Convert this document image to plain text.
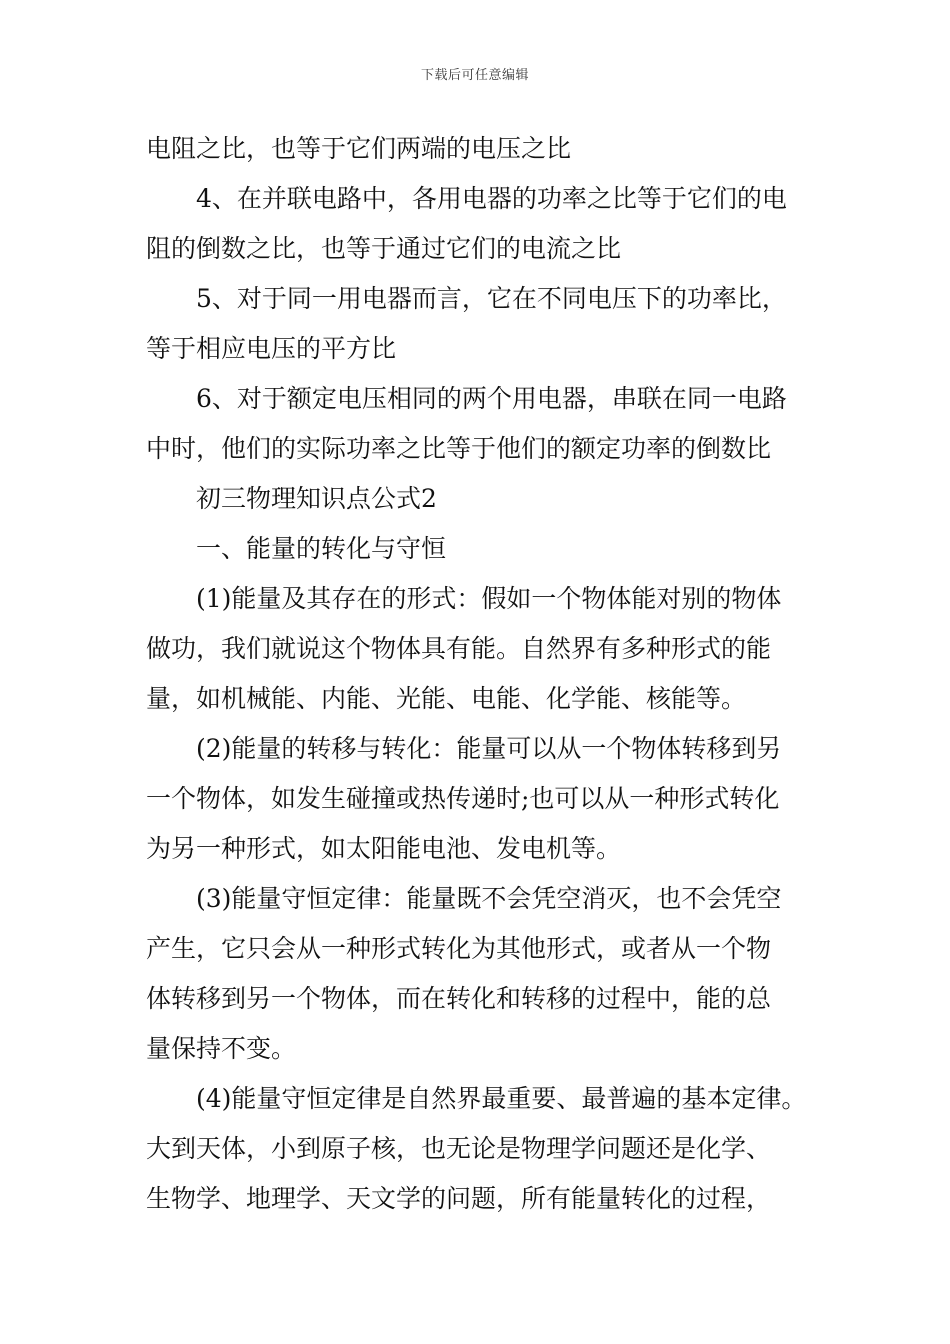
下载后可任意编辑
电阻之比，也等于它们两端的电压之比
4、在并联电路中，各用电器的功率之比等于它们的电
阻的倒数之比，也等于通过它们的电流之比
5、对于同一用电器而言，它在不同电压下的功率比，
等于相应电压的平方比
6、对于额定电压相同的两个用电器，串联在同一电路
中时，他们的实际功率之比等于他们的额定功率的倒数比
初三物理知识点公式2
一、能量的转化与守恒
(1)能量及其存在的形式：假如一个物体能对别的物体
做功，我们就说这个物体具有能。自然界有多种形式的能
量，如机械能、内能、光能、电能、化学能、核能等。
(2)能量的转移与转化：能量可以从一个物体转移到另
一个物体，如发生碰撞或热传递时;也可以从一种形式转化
为另一种形式，如太阳能电池、发电机等。
(3)能量守恒定律：能量既不会凭空消灭，也不会凭空
产生，它只会从一种形式转化为其他形式，或者从一个物
体转移到另一个物体，而在转化和转移的过程中，能的总
量保持不变。
(4)能量守恒定律是自然界最重要、最普遍的基本定律。
大到天体，小到原子核，也无论是物理学问题还是化学、
生物学、地理学、天文学的问题，所有能量转化的过程，
